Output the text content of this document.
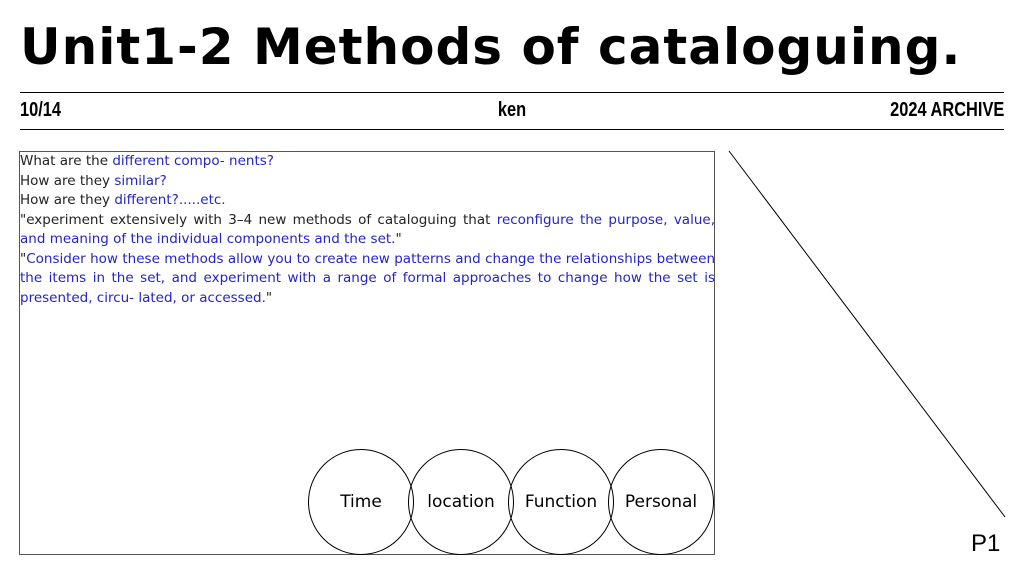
Unit1-2 Methods of cataloguing.
10/14	ken	2024 ARCHIVE

What are the different compo- nents?

How are they similar?

How are they different?.....etc.

"experiment extensively with 3–4 new methods of cataloguing that reconfigure the purpose, value, and meaning of the individual components and the set."

"Consider how these methods allow you to create new patterns and change the relationships between the items in the set, and experiment with a range of formal approaches to change how the set is presented, circu- lated, or accessed."

Time	location	Function	Personal
P1
